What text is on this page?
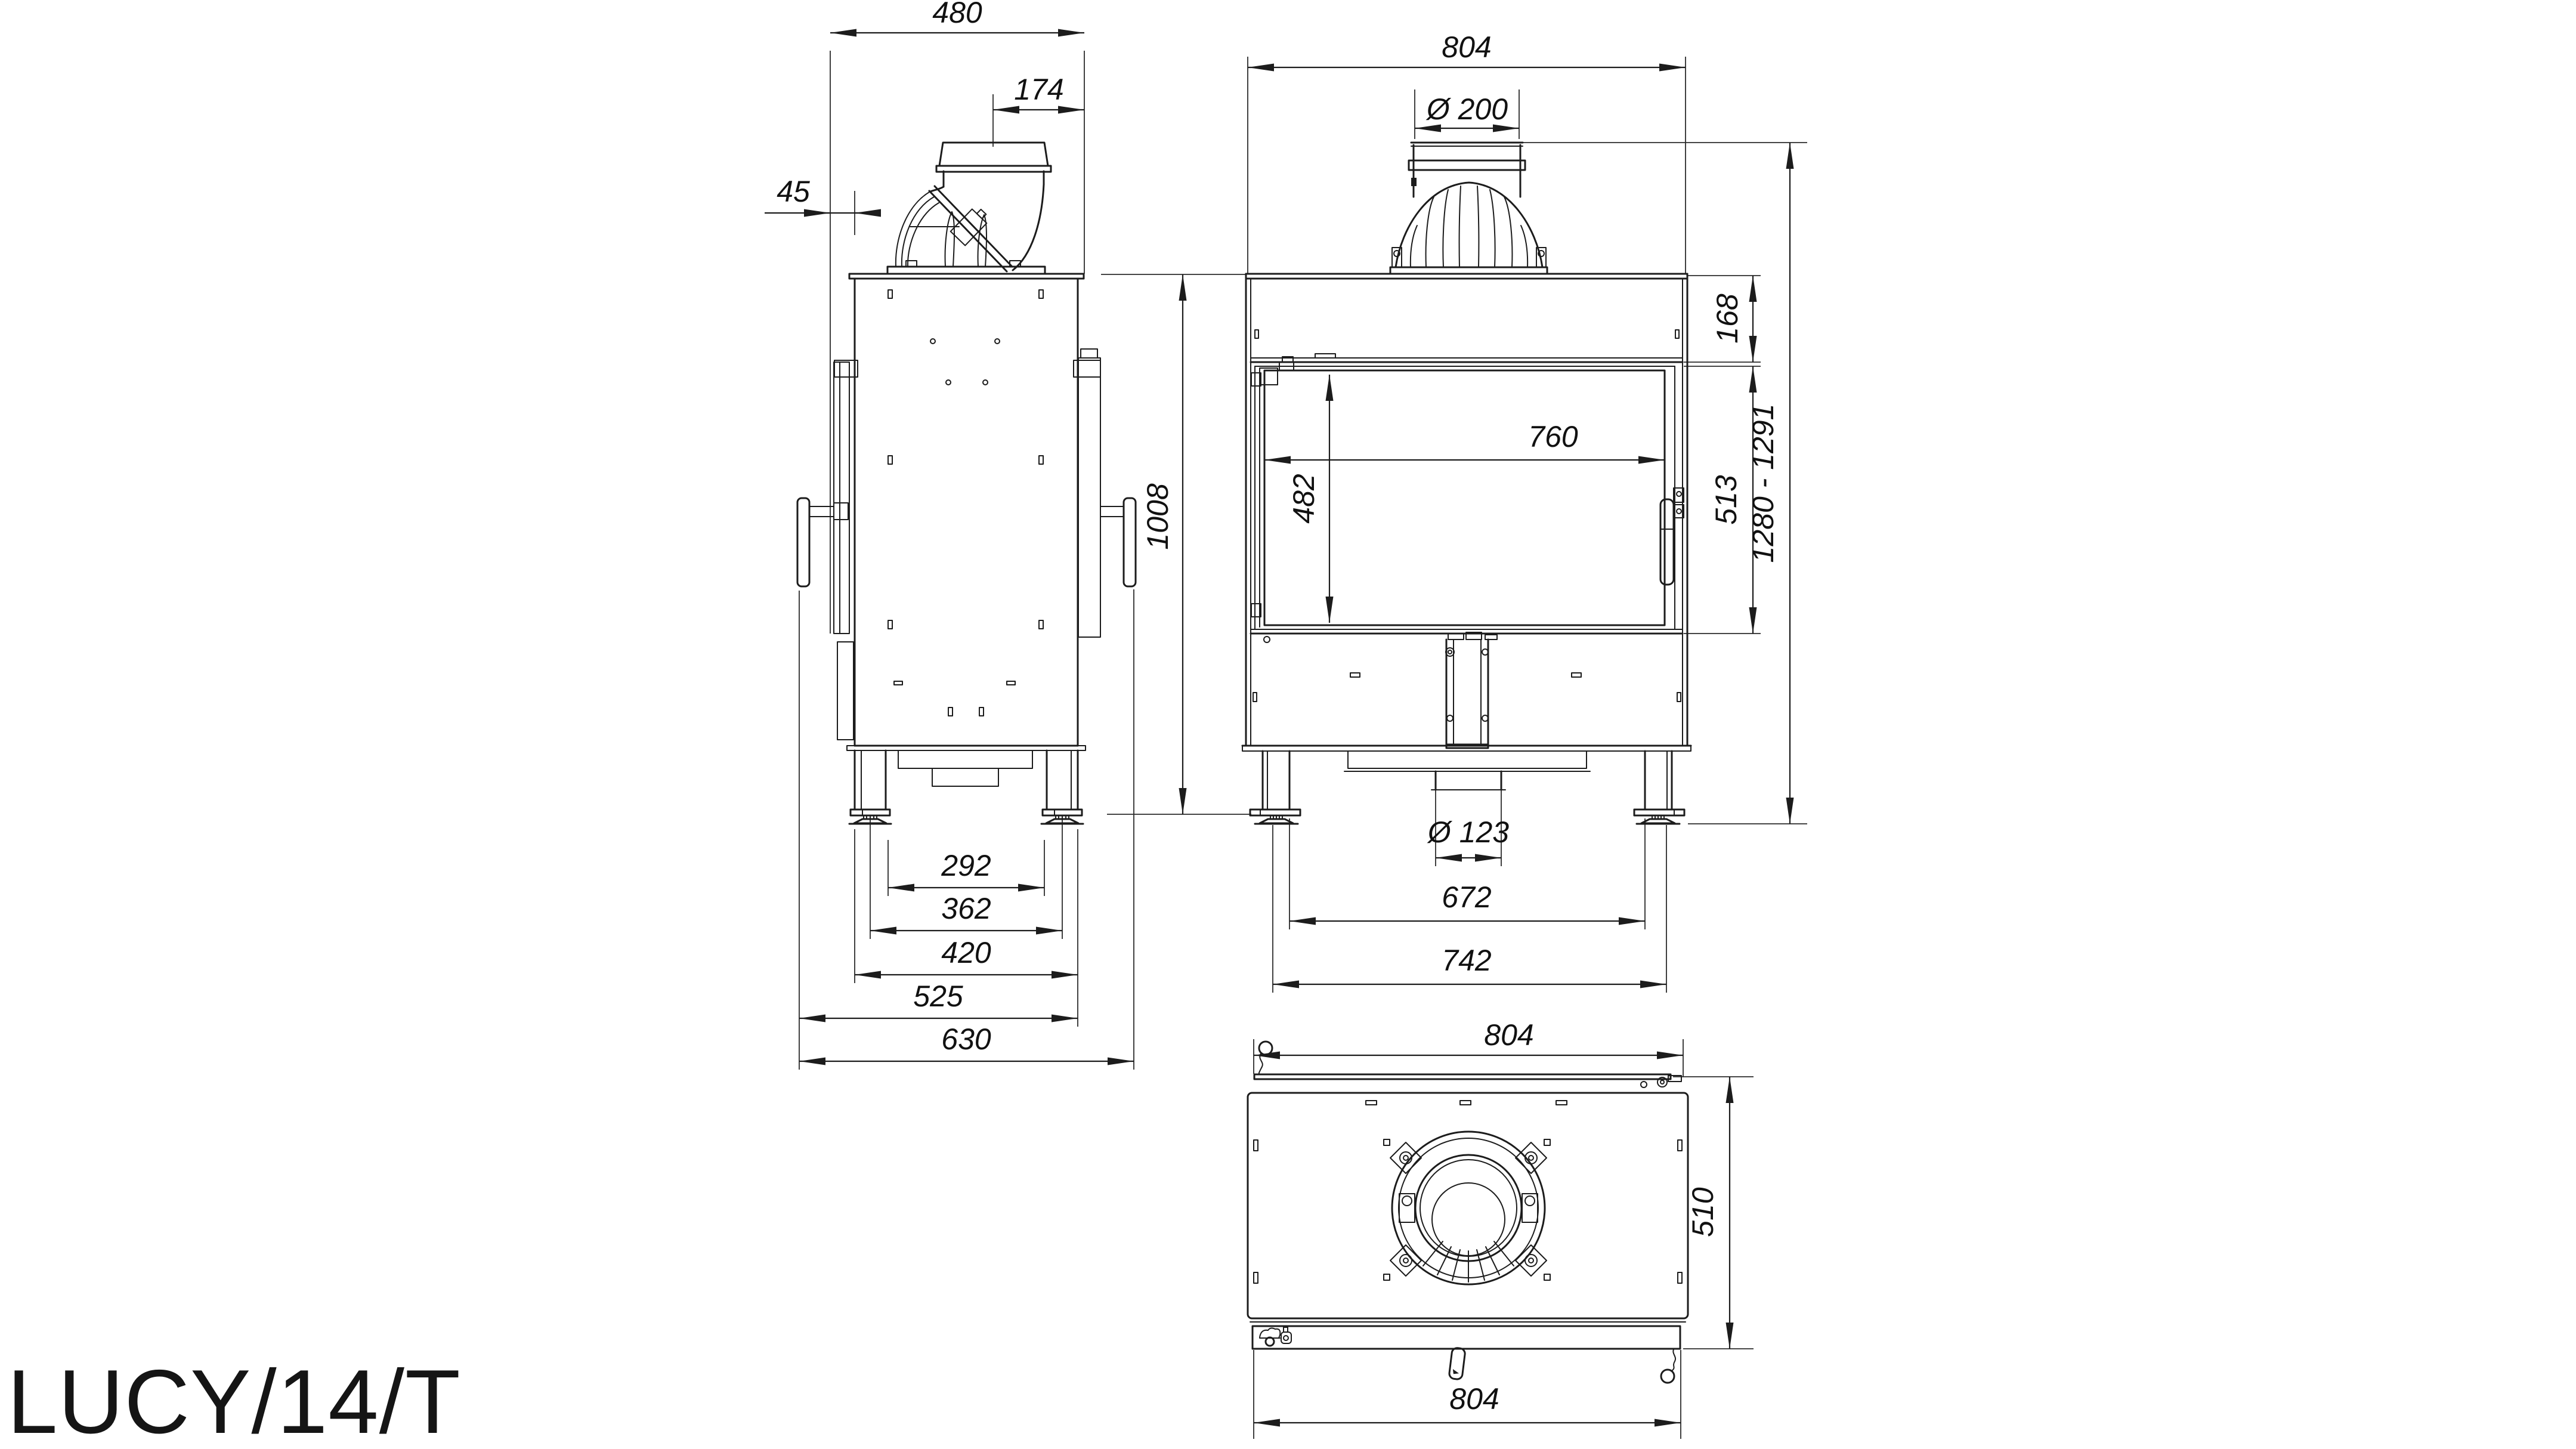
480
174
45
1008
292
362
420
525
630
804
Ø 200
168
760
482	513 1280 - 1291
Ø 123
672
742
804
510
804
LUCY/14/T
